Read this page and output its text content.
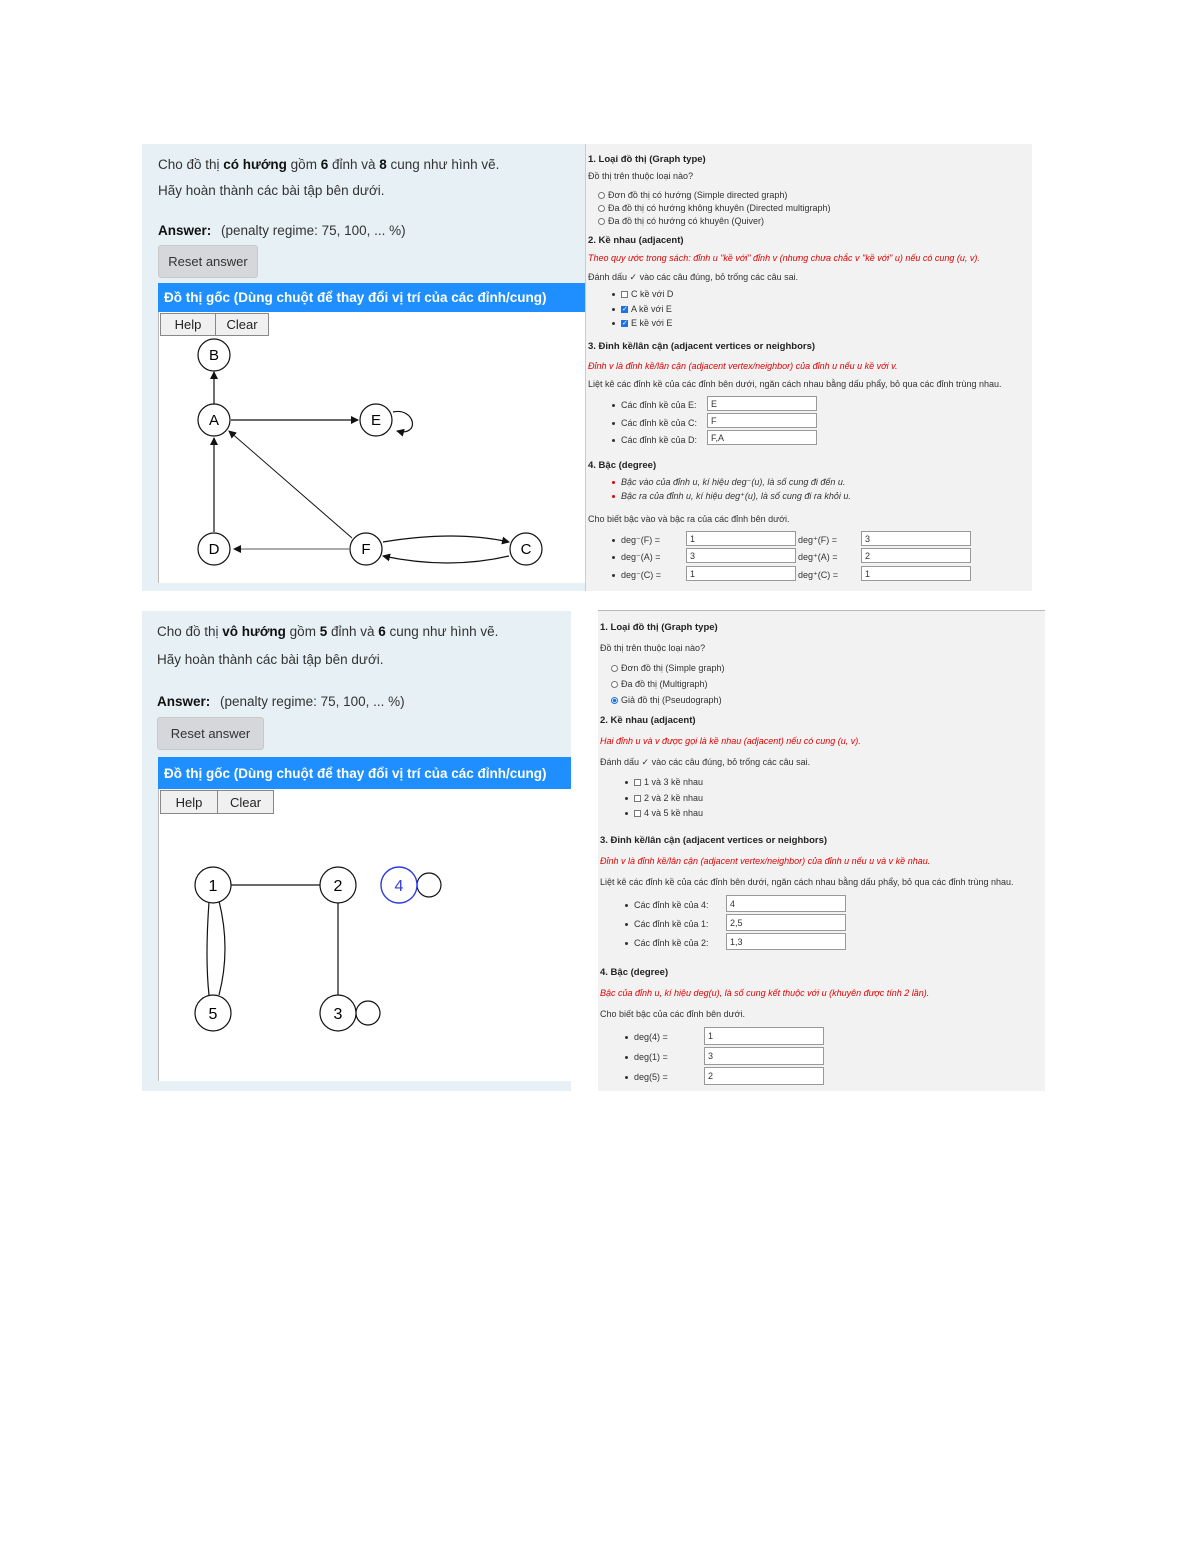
Cho đồ thị có hướng gồm 6 đỉnh và 8 cung như hình vẽ.
Hãy hoàn thành các bài tập bên dưới.
Answer: (penalty regime: 75, 100, ... %)
Reset answer
Đồ thị gốc (Dùng chuột để thay đổi vị trí của các đỉnh/cung)
Help	Clear
B
A	E
D	F	C
1. Loại đồ thị (Graph type)
Đồ thị trên thuộc loại nào?
Đơn đồ thị có hướng (Simple directed graph)
Đa đồ thị có hướng không khuyên (Directed multigraph)
Đa đồ thị có hướng có khuyên (Quiver)
2. Kề nhau (adjacent)
Theo quy ước trong sách: đỉnh u "kề với" đỉnh v (nhưng chưa chắc v "kề với" u) nếu có cung (u, v).
Đánh dấu ✓ vào các câu đúng, bỏ trống các câu sai.
C kề với D
✓ A kề với E
✓ E kề với E
3. Đỉnh kề/lân cận (adjacent vertices or neighbors)
Đỉnh v là đỉnh kề/lân cận (adjacent vertex/neighbor) của đỉnh u nếu u kề với v.
Liệt kê các đỉnh kề của các đỉnh bên dưới, ngăn cách nhau bằng dấu phẩy, bỏ qua các đỉnh trùng nhau.
Các đỉnh kề của E:	E
Các đỉnh kề của C:	F
Các đỉnh kề của D:	F,A
4. Bậc (degree)
Bậc vào của đỉnh u, kí hiệu deg⁻(u), là số cung đi đến u.
Bậc ra của đỉnh u, kí hiệu deg⁺(u), là số cung đi ra khỏi u.
Cho biết bậc vào và bậc ra của các đỉnh bên dưới.
deg⁻(F) =	1	deg⁺(F) =	3
deg⁻(A) =	3	deg⁺(A) =	2
deg⁻(C) =	1	deg⁺(C) =	1
Cho đồ thị vô hướng gồm 5 đỉnh và 6 cung như hình vẽ.
Hãy hoàn thành các bài tập bên dưới.
Answer: (penalty regime: 75, 100, ... %)
Reset answer
Đồ thị gốc (Dùng chuột để thay đổi vị trí của các đỉnh/cung)
Help	Clear
1	2	4
5	3
1. Loại đồ thị (Graph type)
Đồ thị trên thuộc loại nào?
Đơn đồ thị (Simple graph)
Đa đồ thị (Multigraph)
Giả đồ thị (Pseudograph)
2. Kề nhau (adjacent)
Hai đỉnh u và v được gọi là kề nhau (adjacent) nếu có cung (u, v).
Đánh dấu ✓ vào các câu đúng, bỏ trống các câu sai.
1 và 3 kề nhau
2 và 2 kề nhau
4 và 5 kề nhau
3. Đỉnh kề/lân cận (adjacent vertices or neighbors)
Đỉnh v là đỉnh kề/lân cận (adjacent vertex/neighbor) của đỉnh u nếu u và v kề nhau.
Liệt kê các đỉnh kề của các đỉnh bên dưới, ngăn cách nhau bằng dấu phẩy, bỏ qua các đỉnh trùng nhau.
Các đỉnh kề của 4:	4
Các đỉnh kề của 1:	2,5
Các đỉnh kề của 2:	1,3
4. Bậc (degree)
Bậc của đỉnh u, kí hiệu deg(u), là số cung kết thuộc với u (khuyên được tính 2 lần).
Cho biết bậc của các đỉnh bên dưới.
deg(4) =	1
deg(1) =	3
deg(5) =	2
